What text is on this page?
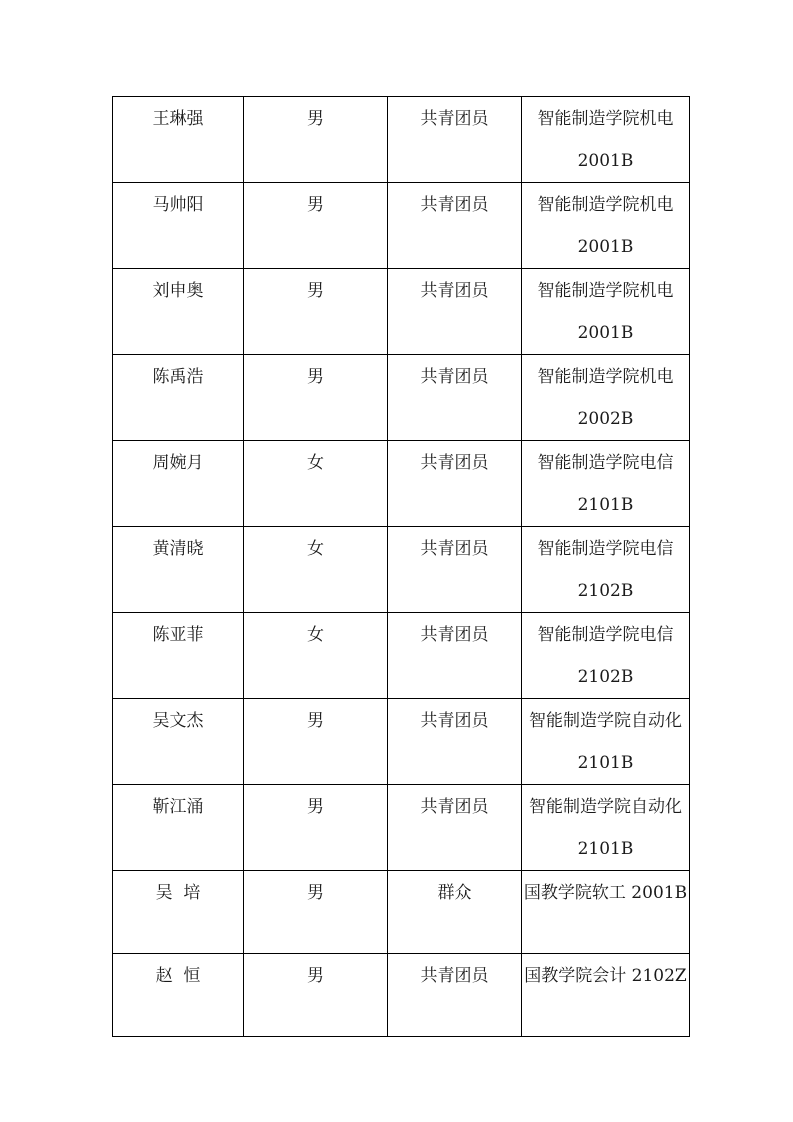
王琳强	男	共青团员	智能制造学院机电 2001B

马帅阳	男	共青团员	智能制造学院机电 2001B

刘申奥	男	共青团员	智能制造学院机电 2001B

陈禹浩	男	共青团员	智能制造学院机电 2002B

周婉月	女	共青团员	智能制造学院电信 2101B

黄清晓	女	共青团员	智能制造学院电信 2102B

陈亚菲	女	共青团员	智能制造学院电信 2102B

吴文杰	男	共青团员	智能制造学院自动化 2101B

靳江涌	男	共青团员	智能制造学院自动化 2101B

吴  培	男	群众	国教学院软工 2001B

赵  恒	男	共青团员	国教学院会计 2102Z
